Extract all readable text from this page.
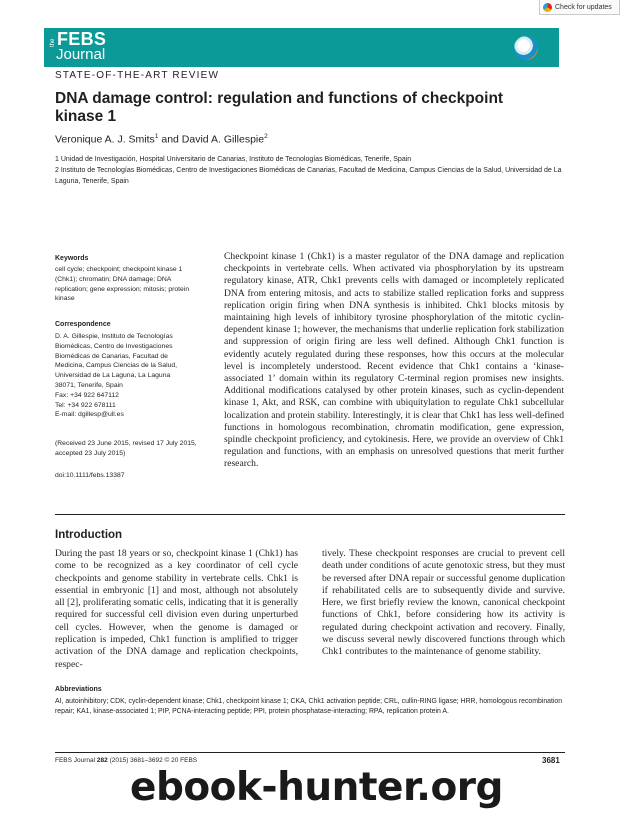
Check for updates
the FEBS
Journal
STATE-OF-THE-ART REVIEW
DNA damage control: regulation and functions of checkpoint kinase 1
Veronique A. J. Smits$^1$ and David A. Gillespie$^2$
1 Unidad de Investigación, Hospital Universitario de Canarias, Instituto de Tecnologías Biomédicas, Tenerife, Spain
2 Instituto de Tecnologías Biomédicas, Centro de Investigaciones Biomédicas de Canarias, Facultad de Medicina, Campus Ciencias de la Salud, Universidad de La Laguna, Tenerife, Spain
Keywords
cell cycle; checkpoint; checkpoint kinase 1 (Chk1); chromatin; DNA damage; DNA replication; gene expression; mitosis; protein kinase
Correspondence
D. A. Gillespie, Instituto de Tecnologías
Biomédicas, Centro de Investigaciones
Biomédicas de Canarias, Facultad de
Medicina, Campus Ciencias de la Salud,
Universidad de La Laguna, La Laguna
38071, Tenerife, Spain
Fax: +34 922 647112
Tel: +34 922 678111
E-mail: dgillesp@ull.es
(Received 23 June 2015, revised 17 July 2015, accepted 23 July 2015)
doi:10.1111/febs.13387
Checkpoint kinase 1 (Chk1) is a master regulator of the DNA damage and replication checkpoints in vertebrate cells. When activated via phosphorylation by its upstream regulatory kinase, ATR, Chk1 prevents cells with damaged or incompletely replicated DNA from entering mitosis, and acts to stabilize stalled replication forks and suppress replication origin firing when DNA synthesis is inhibited. Chk1 blocks mitosis by maintaining high levels of inhibitory tyrosine phosphorylation of the mitotic cyclin-dependent kinase 1; however, the mechanisms that underlie replication fork stabilization and suppression of origin firing are less well defined. Although Chk1 function is evidently acutely regulated during these responses, how this occurs at the molecular level is incompletely understood. Recent evidence that Chk1 contains a ‘kinase-associated 1’ domain within its regulatory C-terminal region promises new insights. Additional modifications catalysed by other protein kinases, such as cyclin-dependent kinase 1, Akt, and RSK, can combine with ubiquitylation to regulate Chk1 subcellular localization and protein stability. Interestingly, it is clear that Chk1 has less well-defined functions in homologous recombination, chromatin modification, gene expression, spindle checkpoint proficiency, and cytokinesis. Here, we provide an overview of Chk1 regulation and functions, with an emphasis on unresolved questions that merit further research.
Introduction
During the past 18 years or so, checkpoint kinase 1 (Chk1) has come to be recognized as a key coordinator of cell cycle checkpoints and genome stability in vertebrate cells. Chk1 is essential in embryonic [1] and most, although not absolutely all [2], proliferating somatic cells, indicating that it is generally required for successful cell division even during unperturbed cell cycles. However, when the genome is damaged or replication is impeded, Chk1 function is amplified to trigger activation of the DNA damage and replication checkpoints, respec-
tively. These checkpoint responses are crucial to prevent cell death under conditions of acute genotoxic stress, but they must be reversed after DNA repair or successful genome duplication if rehabilitated cells are to subsequently divide and survive. Here, we first briefly review the known, canonical checkpoint functions of Chk1, before considering how its activity is regulated during checkpoint activation and recovery. Finally, we discuss several newly discovered functions through which Chk1 contributes to the maintenance of genome stability.
Abbreviations
AI, autoinhibitory; CDK, cyclin-dependent kinase; Chk1, checkpoint kinase 1; CKA, Chk1 activation peptide; CRL, cullin-RING ligase; HRR, homologous recombination repair; KA1, kinase-associated 1; PIP, PCNA-interacting peptide; PPI, protein phosphatase-interacting; RPA, replication protein A.
FEBS Journal 282 (2015) 3681–3692 © 20 FEBS	3681
ebook-hunter.org
